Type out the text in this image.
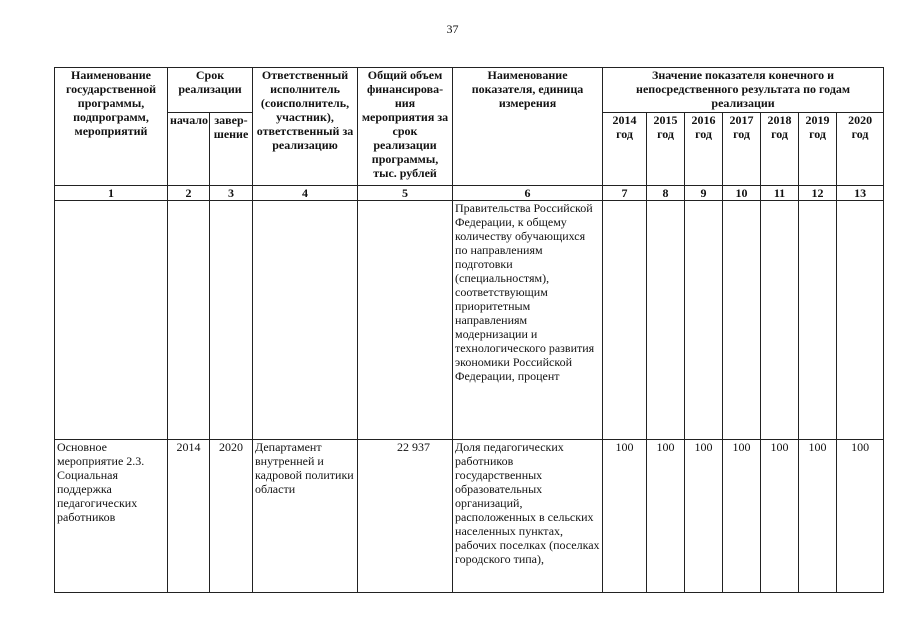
37
Наименование государственной программы, подпрограмм, мероприятий	Срок реализации		Ответственный исполнитель (соисполнитель, участник), ответственный за реализацию	Общий объем финансирова-ния мероприятия за срок реализации программы, тыс. рублей	Наименование показателя, единица измерения	Значение показателя конечного и непосредственного результата по годам реализации						
	начало	завер-шение				2014 год	2015 год	2016 год	2017 год	2018 год	2019 год	2020 год
1	2	3	4	5	6	7	8	9	10	11	12	13
					Правительства Российской Федерации, к общему количеству обучающихся по направлениям подготовки (специальностям), соответствующим приоритетным направлениям модернизации и технологического развития экономики Российской Федерации, процент							
Основное мероприятие 2.3. Социальная поддержка педагогических работников	2014	2020	Департамент внутренней и кадровой политики области	22 937	Доля педагогических работников государственных образовательных организаций, расположенных в сельских населенных пунктах, рабочих поселках (поселках городского типа),	100	100	100	100	100	100	100
